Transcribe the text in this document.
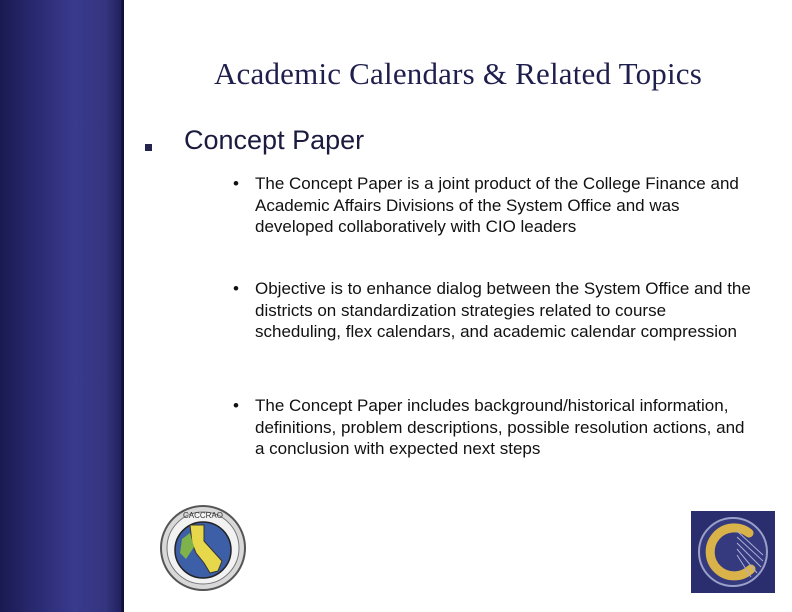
Academic Calendars & Related Topics
Concept Paper
• The Concept Paper is a joint product of the College Finance and Academic Affairs Divisions of the System Office and was developed collaboratively with CIO leaders
• Objective is to enhance dialog between the System Office and the districts on standardization strategies related to course scheduling, flex calendars, and academic calendar compression
• The Concept Paper includes background/historical information, definitions, problem descriptions, possible resolution actions, and a conclusion with expected next steps
CACCRAO
